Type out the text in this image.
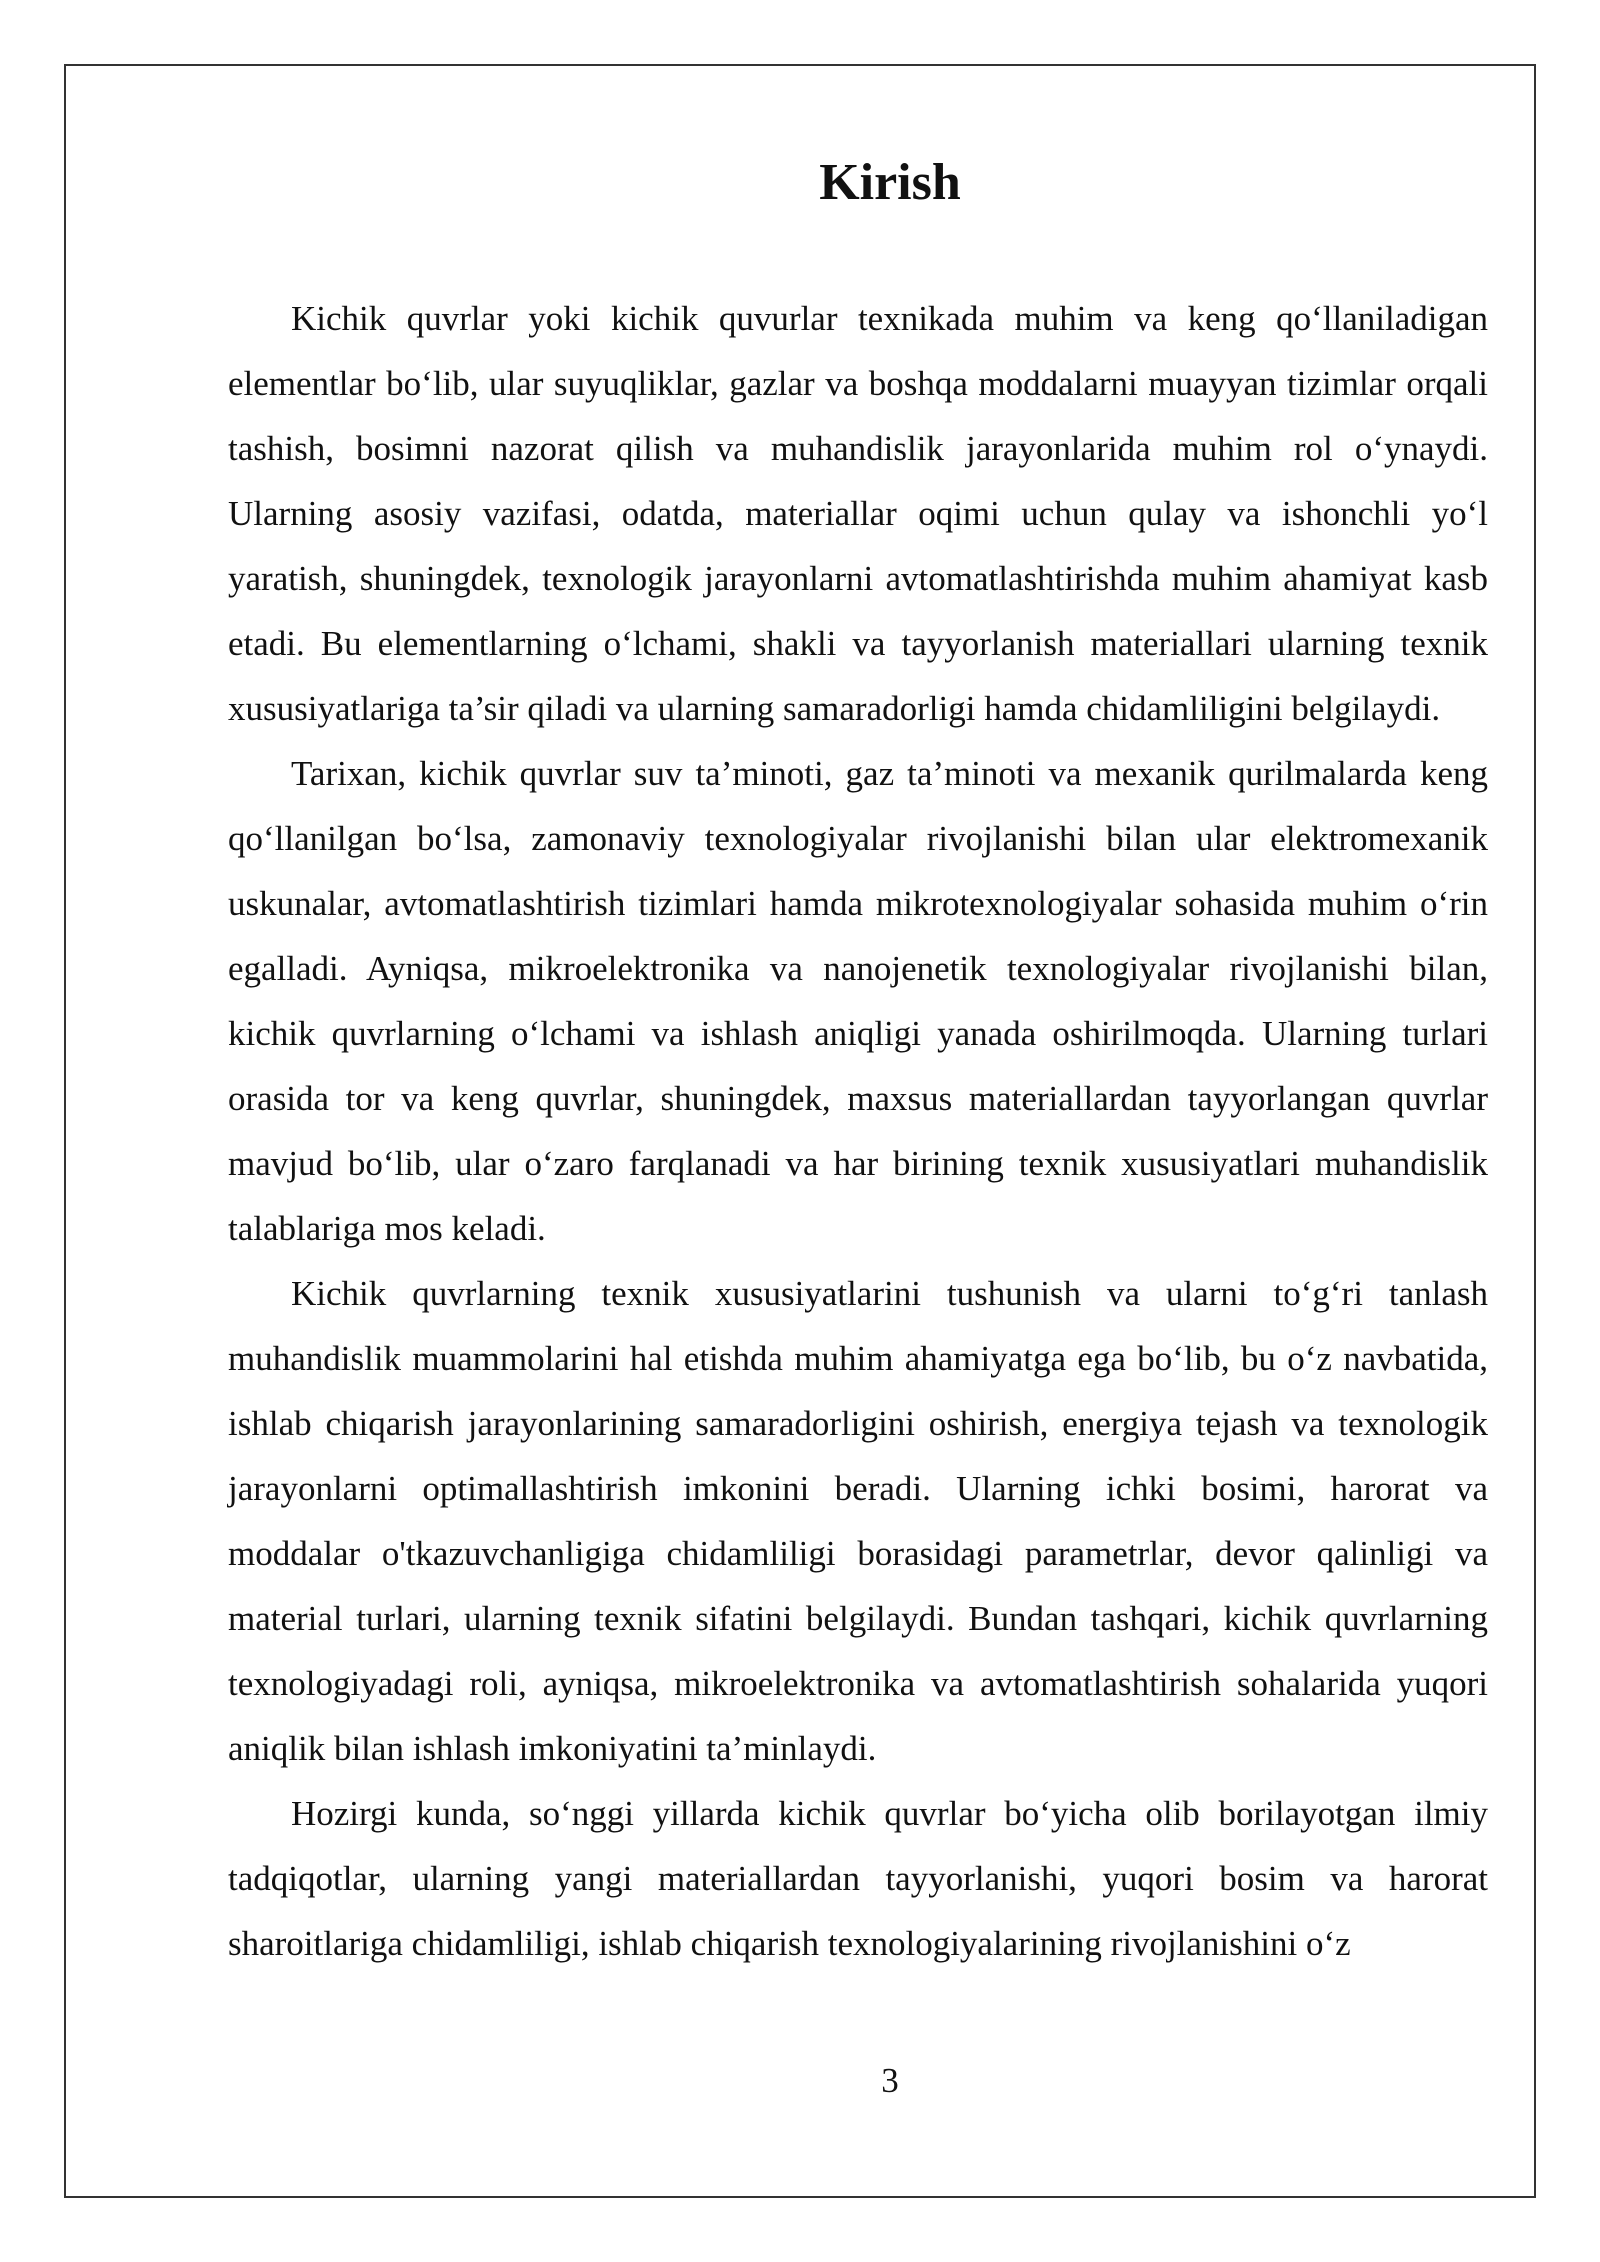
Kirish

Kichik quvrlar yoki kichik quvurlar texnikada muhim va keng qo‘llaniladigan elementlar bo‘lib, ular suyuqliklar, gazlar va boshqa moddalarni muayyan tizimlar orqali tashish, bosimni nazorat qilish va muhandislik jarayonlarida muhim rol o‘ynaydi. Ularning asosiy vazifasi, odatda, materiallar oqimi uchun qulay va ishonchli yo‘l yaratish, shuningdek, texnologik jarayonlarni avtomatlashtirishda muhim ahamiyat kasb etadi. Bu elementlarning o‘lchami, shakli va tayyorlanish materiallari ularning texnik xususiyatlariga ta’sir qiladi va ularning samaradorligi hamda chidamliligini belgilaydi.

Tarixan, kichik quvrlar suv ta’minoti, gaz ta’minoti va mexanik qurilmalarda keng qo‘llanilgan bo‘lsa, zamonaviy texnologiyalar rivojlanishi bilan ular elektromexanik uskunalar, avtomatlashtirish tizimlari hamda mikrotexnologiyalar sohasida muhim o‘rin egalladi. Ayniqsa, mikroelektronika va nanojenetik texnologiyalar rivojlanishi bilan, kichik quvrlarning o‘lchami va ishlash aniqligi yanada oshirilmoqda. Ularning turlari orasida tor va keng quvrlar, shuningdek, maxsus materiallardan tayyorlangan quvrlar mavjud bo‘lib, ular o‘zaro farqlanadi va har birining texnik xususiyatlari muhandislik talablariga mos keladi.

Kichik quvrlarning texnik xususiyatlarini tushunish va ularni to‘g‘ri tanlash muhandislik muammolarini hal etishda muhim ahamiyatga ega bo‘lib, bu o‘z navbatida, ishlab chiqarish jarayonlarining samaradorligini oshirish, energiya tejash va texnologik jarayonlarni optimallashtirish imkonini beradi. Ularning ichki bosimi, harorat va moddalar o'tkazuvchanligiga chidamliligi borasidagi parametrlar, devor qalinligi va material turlari, ularning texnik sifatini belgilaydi. Bundan tashqari, kichik quvrlarning texnologiyadagi roli, ayniqsa, mikroelektronika va avtomatlashtirish sohalarida yuqori aniqlik bilan ishlash imkoniyatini ta’minlaydi.

Hozirgi kunda, so‘nggi yillarda kichik quvrlar bo‘yicha olib borilayotgan ilmiy tadqiqotlar, ularning yangi materiallardan tayyorlanishi, yuqori bosim va harorat sharoitlariga chidamliligi, ishlab chiqarish texnologiyalarining rivojlanishini o‘z

3
